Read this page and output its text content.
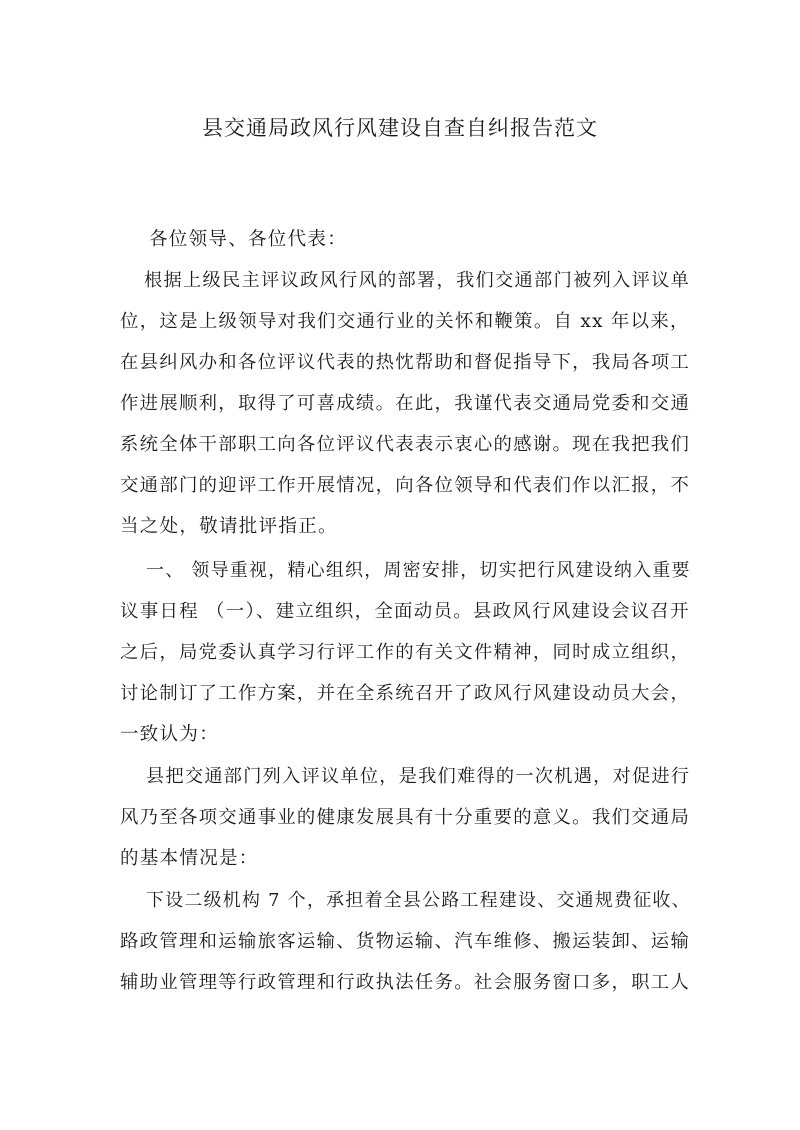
县交通局政风行风建设自查自纠报告范文
各位领导、各位代表：
根据上级民主评议政风行风的部署，我们交通部门被列入评议单
位，这是上级领导对我们交通行业的关怀和鞭策。自 xx 年以来，
在县纠风办和各位评议代表的热忱帮助和督促指导下，我局各项工
作进展顺利，取得了可喜成绩。在此，我谨代表交通局党委和交通
系统全体干部职工向各位评议代表表示衷心的感谢。现在我把我们
交通部门的迎评工作开展情况，向各位领导和代表们作以汇报，不
当之处，敬请批评指正。
一、 领导重视，精心组织，周密安排，切实把行风建设纳入重要
议事日程 （一）、建立组织，全面动员。县政风行风建设会议召开
之后，局党委认真学习行评工作的有关文件精神，同时成立组织，
讨论制订了工作方案，并在全系统召开了政风行风建设动员大会，
一致认为：
县把交通部门列入评议单位，是我们难得的一次机遇，对促进行
风乃至各项交通事业的健康发展具有十分重要的意义。我们交通局
的基本情况是：
下设二级机构 7 个，承担着全县公路工程建设、交通规费征收、
路政管理和运输旅客运输、货物运输、汽车维修、搬运装卸、运输
辅助业管理等行政管理和行政执法任务。社会服务窗口多，职工人
